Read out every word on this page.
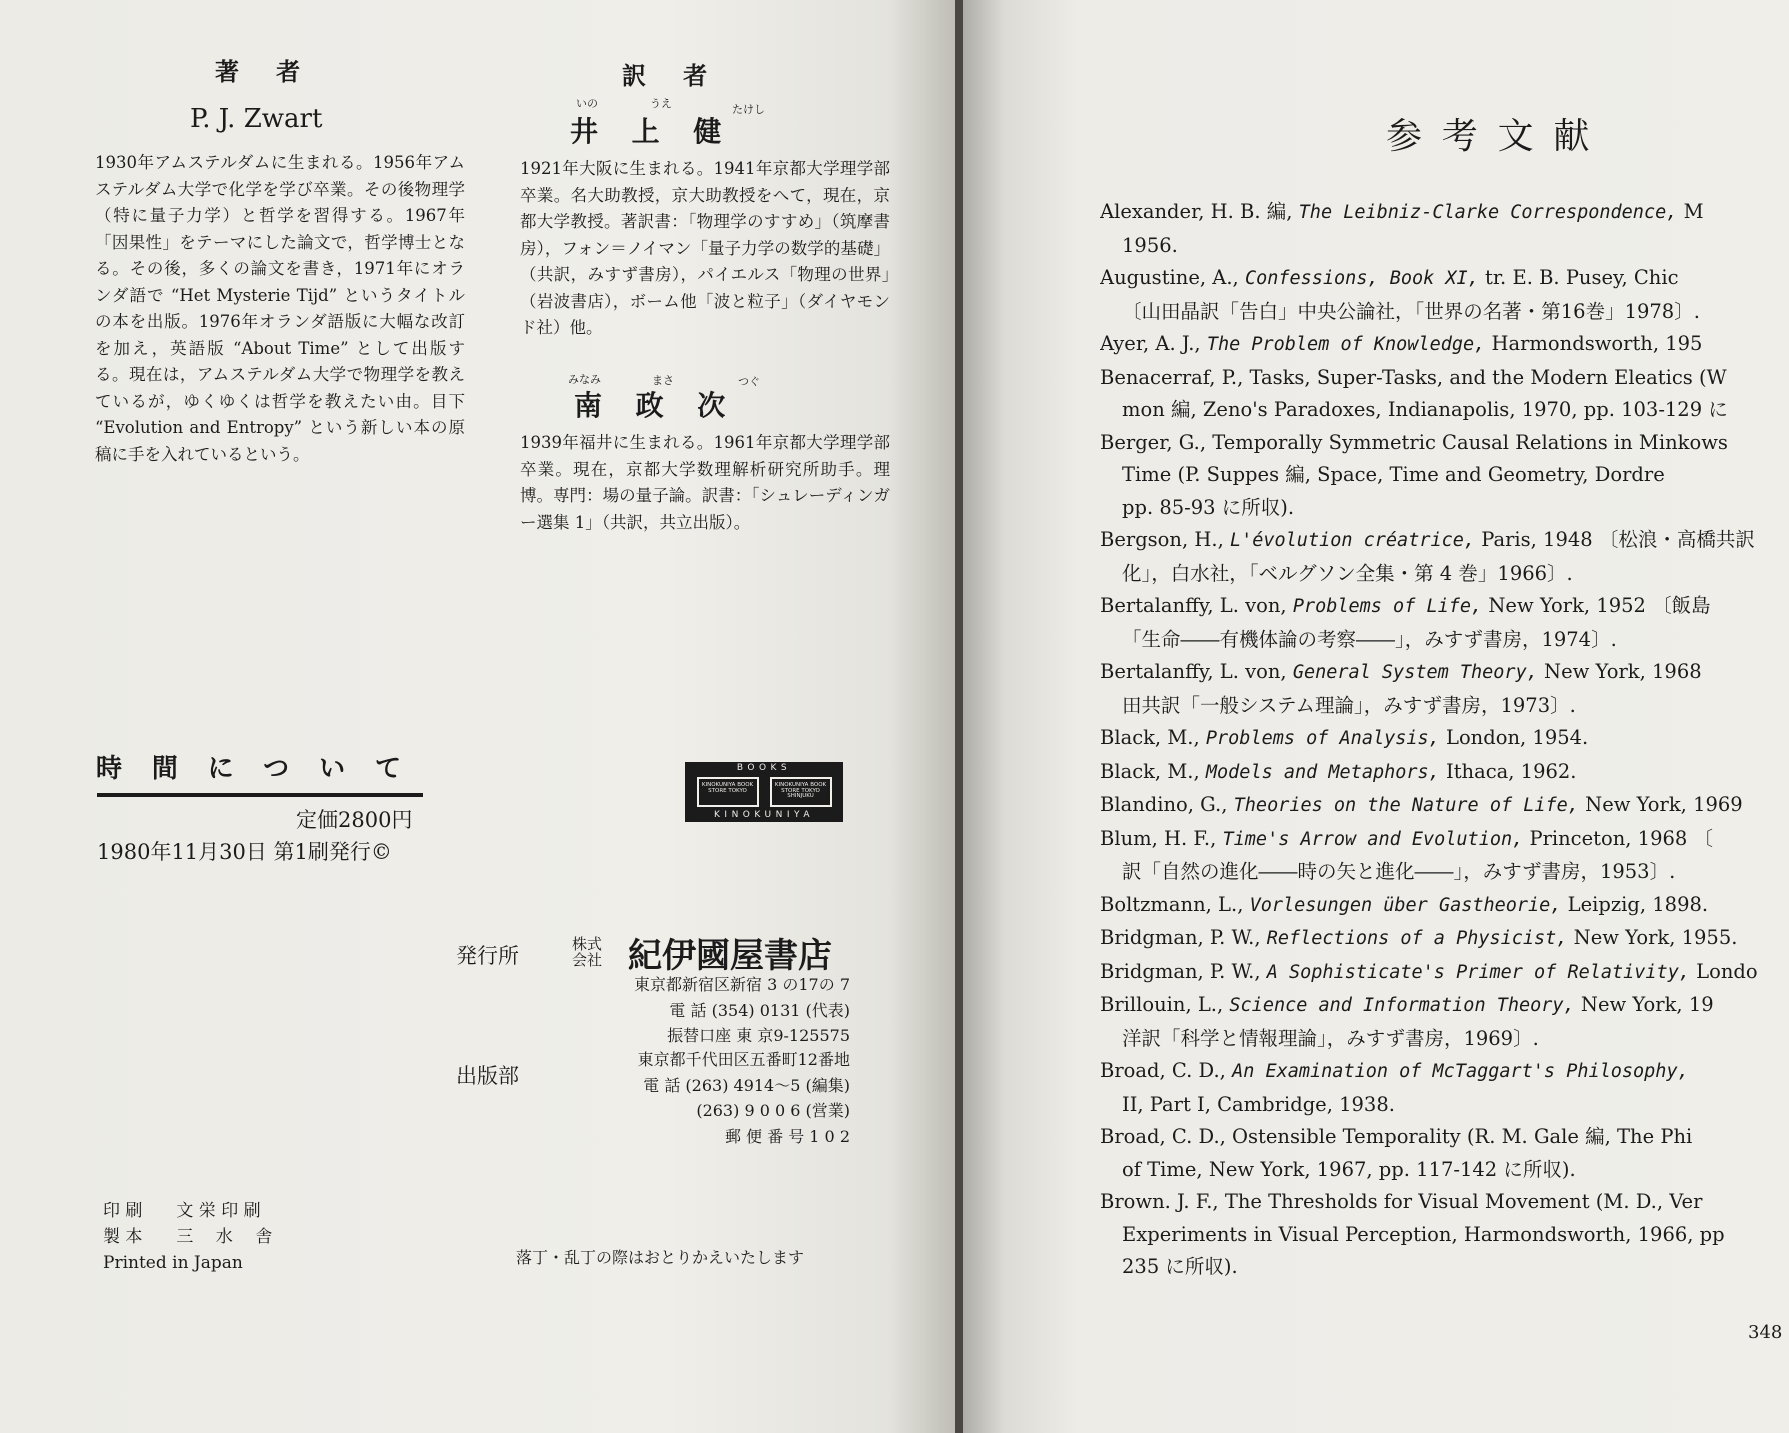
著 者	訳 者
P. J. Zwart
1930年アムステルダムに生まれる。1956年アムステルダム大学で化学を学び卒業。その後物理学（特に量子力学）と哲学を習得する。1967年「因果性」をテーマにした論文で，哲学博士となる。その後，多くの論文を書き，1971年にオランダ語で “Het Mysterie Tijd” というタイトルの本を出版。1976年オランダ語版に大幅な改訂を加え，英語版 “About Time” として出版する。現在は，アムステルダム大学で物理学を教えているが，ゆくゆくは哲学を教えたい由。目下 “Evolution and Entropy” という新しい本の原稿に手を入れているという。
いの	うえ	たけし
井上健
1921年大阪に生まれる。1941年京都大学理学部卒業。名大助教授，京大助教授をへて，現在，京都大学教授。著訳書：「物理学のすすめ」（筑摩書房），フォン＝ノイマン「量子力学の数学的基礎」（共訳，みすず書房），パイエルス「物理の世界」（岩波書店），ボーム他「波と粒子」（ダイヤモンド社）他。
みなみ	まさ	つぐ
南政次
1939年福井に生まれる。1961年京都大学理学部卒業。現在，京都大学数理解析研究所助手。理博。専門：場の量子論。訳書：「シュレーディンガー選集 1」（共訳，共立出版）。
時間について
定価2800円
1980年11月30日 第1刷発行©
BOOKS
KINOKUNIYA BOOK STORE TOKYO
KINOKUNIYA BOOK STORE TOKYO SHINJUKU
KINOKUNIYA
発行所	株式会社 紀伊國屋書店
東京都新宿区新宿 3 の17の 7
電 話 (354) 0131 (代表)
振替口座 東 京9-125575
出版部
東京都千代田区五番町12番地
電 話 (263) 4914〜5 (編集)
(263) 9 0 0 6 (営業)
郵 便 番 号 1 0 2
印 刷　　文 栄 印 刷
製 本　　三 　水 　舎
Printed in Japan	落丁・乱丁の際はおとりかえいたします
参考文献
Alexander, H. B. 編, The Leibniz-Clarke Correspondence, M
1956.
Augustine, A., Confessions, Book XI, tr. E. B. Pusey, Chic
〔山田晶訳「告白」中央公論社，「世界の名著・第16巻」1978〕.
Ayer, A. J., The Problem of Knowledge, Harmondsworth, 195
Benacerraf, P., Tasks, Super-Tasks, and the Modern Eleatics (W
mon 編, Zeno's Paradoxes, Indianapolis, 1970, pp. 103-129 に
Berger, G., Temporally Symmetric Causal Relations in Minkows
Time (P. Suppes 編, Space, Time and Geometry, Dordre
pp. 85-93 に所収).
Bergson, H., L'évolution créatrice, Paris, 1948 〔松浪・高橋共訳
化」，白水社，「ベルグソン全集・第 4 巻」1966〕.
Bertalanffy, L. von, Problems of Life, New York, 1952 〔飯島
「生命――有機体論の考察――」，みすず書房，1974〕.
Bertalanffy, L. von, General System Theory, New York, 1968
田共訳「一般システム理論」，みすず書房，1973〕.
Black, M., Problems of Analysis, London, 1954.
Black, M., Models and Metaphors, Ithaca, 1962.
Blandino, G., Theories on the Nature of Life, New York, 1969
Blum, H. F., Time's Arrow and Evolution, Princeton, 1968 〔
訳「自然の進化――時の矢と進化――」，みすず書房，1953〕.
Boltzmann, L., Vorlesungen über Gastheorie, Leipzig, 1898.
Bridgman, P. W., Reflections of a Physicist, New York, 1955.
Bridgman, P. W., A Sophisticate's Primer of Relativity, Londo
Brillouin, L., Science and Information Theory, New York, 19
洋訳「科学と情報理論」，みすず書房，1969〕.
Broad, C. D., An Examination of McTaggart's Philosophy,
II, Part I, Cambridge, 1938.
Broad, C. D., Ostensible Temporality (R. M. Gale 編, The Phi
of Time, New York, 1967, pp. 117-142 に所収).
Brown. J. F., The Thresholds for Visual Movement (M. D., Ver
Experiments in Visual Perception, Harmondsworth, 1966, pp
235 に所収).
348
